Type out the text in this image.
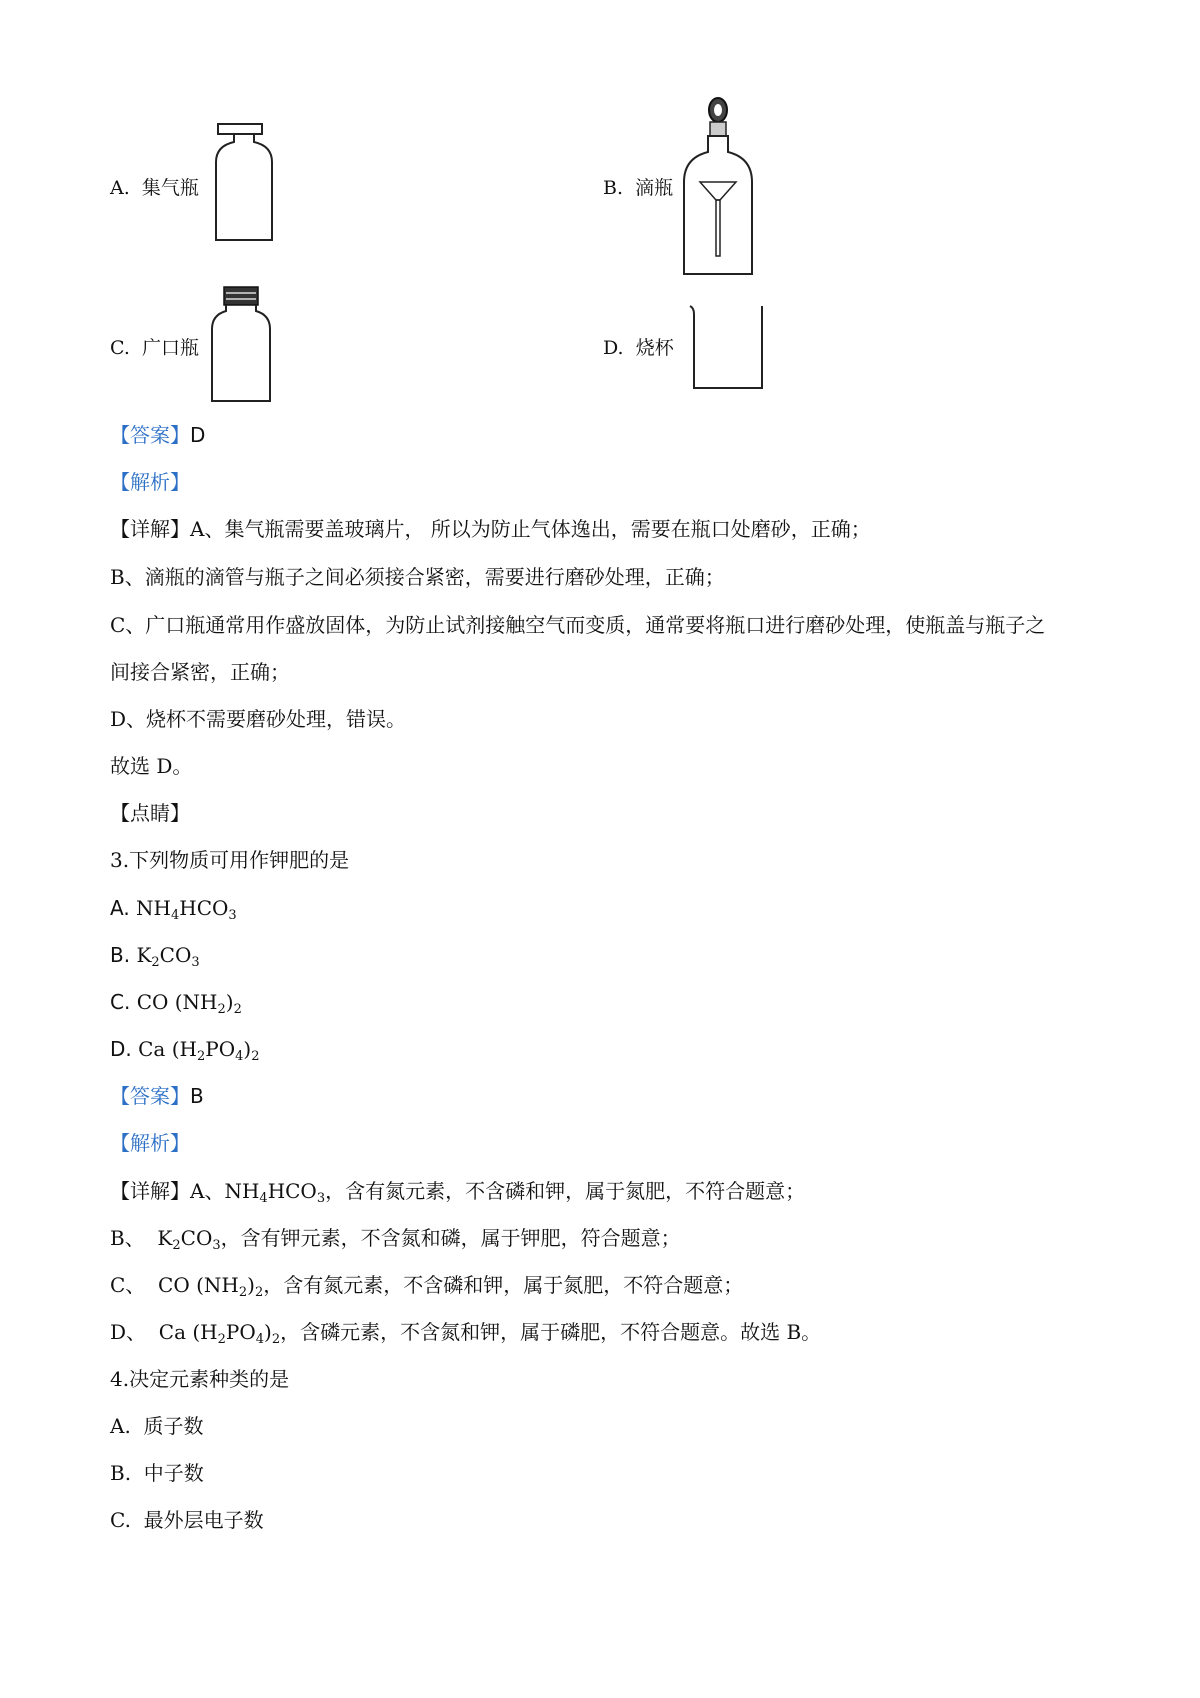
A. 集气瓶	B. 滴瓶
C. 广口瓶	D. 烧杯
【答案】D
【解析】
【详解】A、集气瓶需要盖玻璃片， 所以为防止气体逸出，需要在瓶口处磨砂，正确；
B、滴瓶的滴管与瓶子之间必须接合紧密，需要进行磨砂处理，正确；
C、广口瓶通常用作盛放固体，为防止试剂接触空气而变质，通常要将瓶口进行磨砂处理，使瓶盖与瓶子之
间接合紧密，正确；
D、烧杯不需要磨砂处理，错误。
故选 D。
【点睛】
3.下列物质可用作钾肥的是
A. $NH_4HCO_3$
B. $K_2CO_3$
C. CO $(NH_2)_2$
D. Ca $(H_2PO_4)_2$
【答案】B
【解析】
【详解】A、$NH_4HCO_3$，含有氮元素，不含磷和钾，属于氮肥，不符合题意；
B、  $K_2CO_3$，含有钾元素，不含氮和磷，属于钾肥，符合题意；
C、  CO $(NH_2)_2$，含有氮元素，不含磷和钾，属于氮肥，不符合题意；
D、  Ca $(H_2PO_4)_2$，含磷元素，不含氮和钾，属于磷肥，不符合题意。故选 B。
4.决定元素种类的是
A. 质子数
B. 中子数
C. 最外层电子数
